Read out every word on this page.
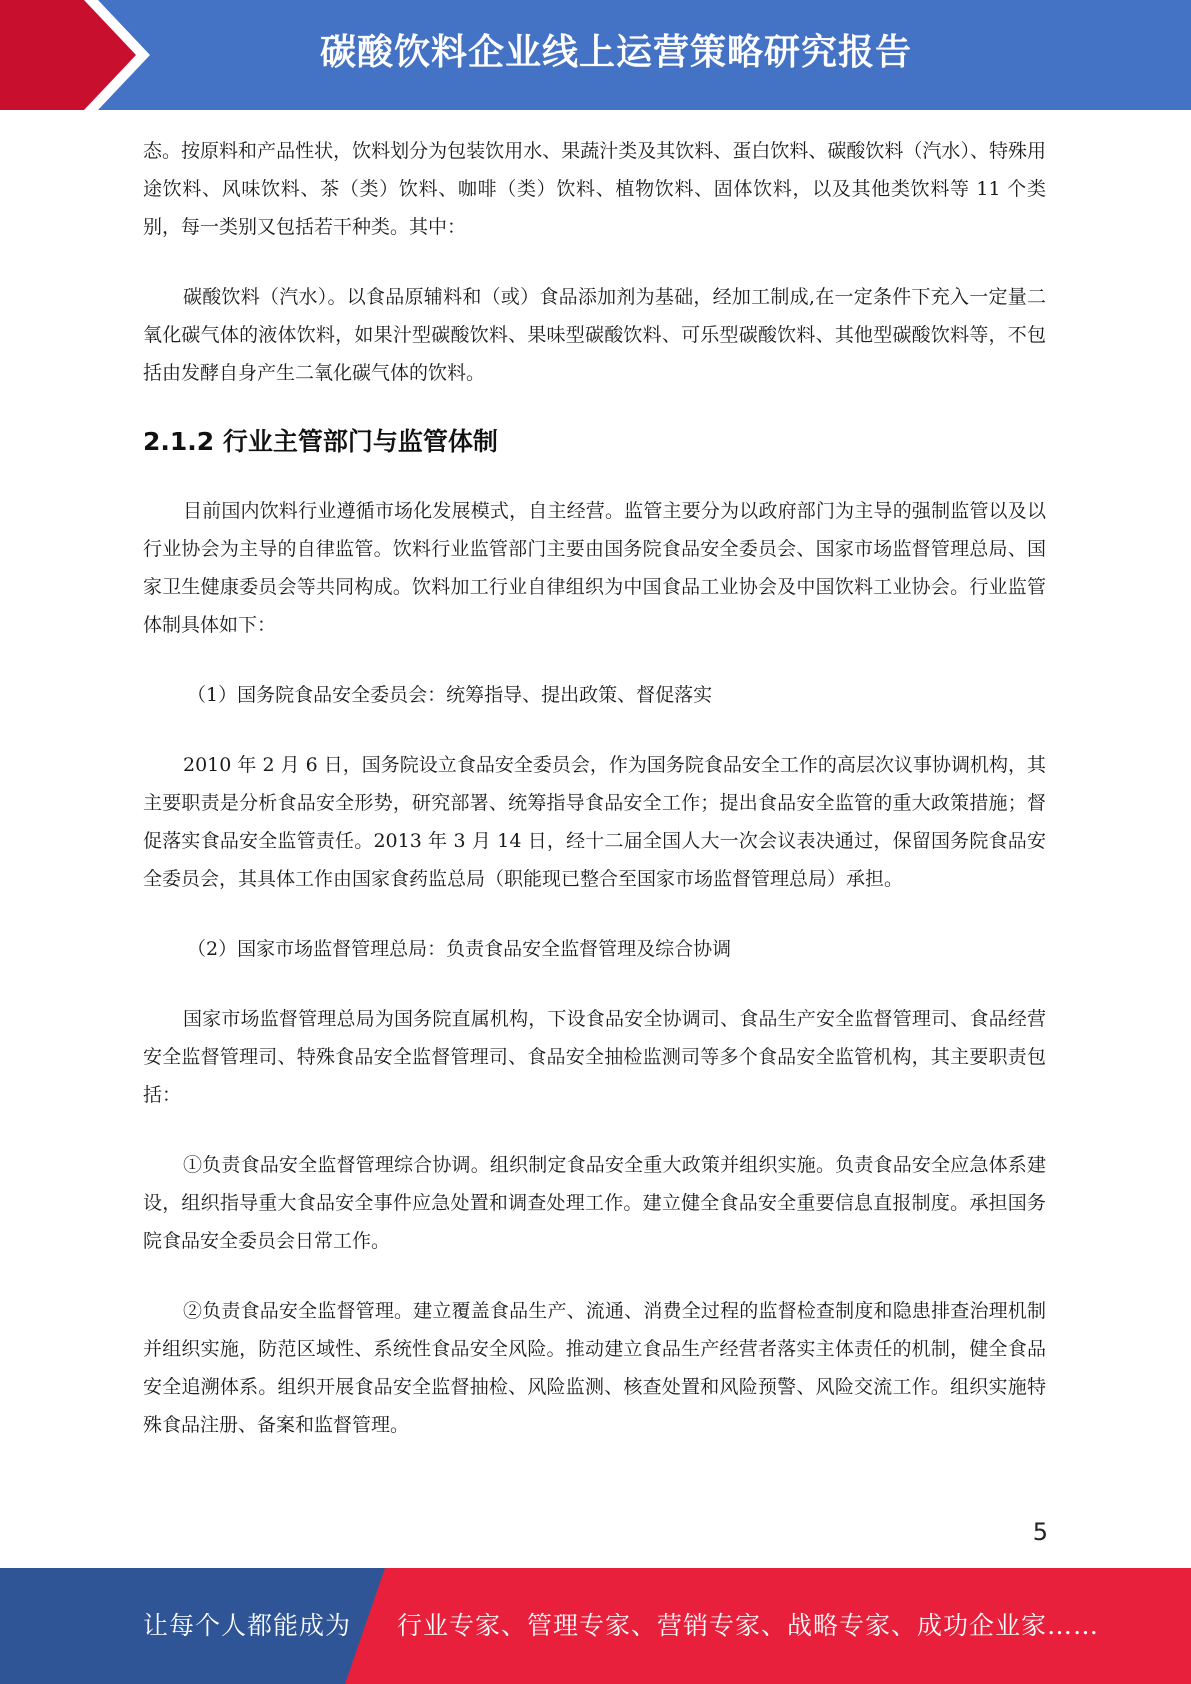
碳酸饮料企业线上运营策略研究报告

态。按原料和产品性状，饮料划分为包装饮用水、果蔬汁类及其饮料、蛋白饮料、碳酸饮料（汽水）、特殊用途饮料、风味饮料、茶（类）饮料、咖啡（类）饮料、植物饮料、固体饮料，以及其他类饮料等 11 个类别，每一类别又包括若干种类。其中：

碳酸饮料（汽水）。以食品原辅料和（或）食品添加剂为基础，经加工制成,在一定条件下充入一定量二氧化碳气体的液体饮料，如果汁型碳酸饮料、果味型碳酸饮料、可乐型碳酸饮料、其他型碳酸饮料等，不包括由发酵自身产生二氧化碳气体的饮料。

2.1.2 行业主管部门与监管体制

目前国内饮料行业遵循市场化发展模式，自主经营。监管主要分为以政府部门为主导的强制监管以及以行业协会为主导的自律监管。饮料行业监管部门主要由国务院食品安全委员会、国家市场监督管理总局、国家卫生健康委员会等共同构成。饮料加工行业自律组织为中国食品工业协会及中国饮料工业协会。行业监管体制具体如下：

（1）国务院食品安全委员会：统筹指导、提出政策、督促落实

2010 年 2 月 6 日，国务院设立食品安全委员会，作为国务院食品安全工作的高层次议事协调机构，其主要职责是分析食品安全形势，研究部署、统筹指导食品安全工作；提出食品安全监管的重大政策措施；督促落实食品安全监管责任。2013 年 3 月 14 日，经十二届全国人大一次会议表决通过，保留国务院食品安全委员会，其具体工作由国家食药监总局（职能现已整合至国家市场监督管理总局）承担。

（2）国家市场监督管理总局：负责食品安全监督管理及综合协调

国家市场监督管理总局为国务院直属机构，下设食品安全协调司、食品生产安全监督管理司、食品经营安全监督管理司、特殊食品安全监督管理司、食品安全抽检监测司等多个食品安全监管机构，其主要职责包括：

①负责食品安全监督管理综合协调。组织制定食品安全重大政策并组织实施。负责食品安全应急体系建设，组织指导重大食品安全事件应急处置和调查处理工作。建立健全食品安全重要信息直报制度。承担国务院食品安全委员会日常工作。

②负责食品安全监督管理。建立覆盖食品生产、流通、消费全过程的监督检查制度和隐患排查治理机制并组织实施，防范区域性、系统性食品安全风险。推动建立食品生产经营者落实主体责任的机制，健全食品安全追溯体系。组织开展食品安全监督抽检、风险监测、核查处置和风险预警、风险交流工作。组织实施特殊食品注册、备案和监督管理。

5
让每个人都能成为 行业专家、管理专家、营销专家、战略专家、成功企业家……
